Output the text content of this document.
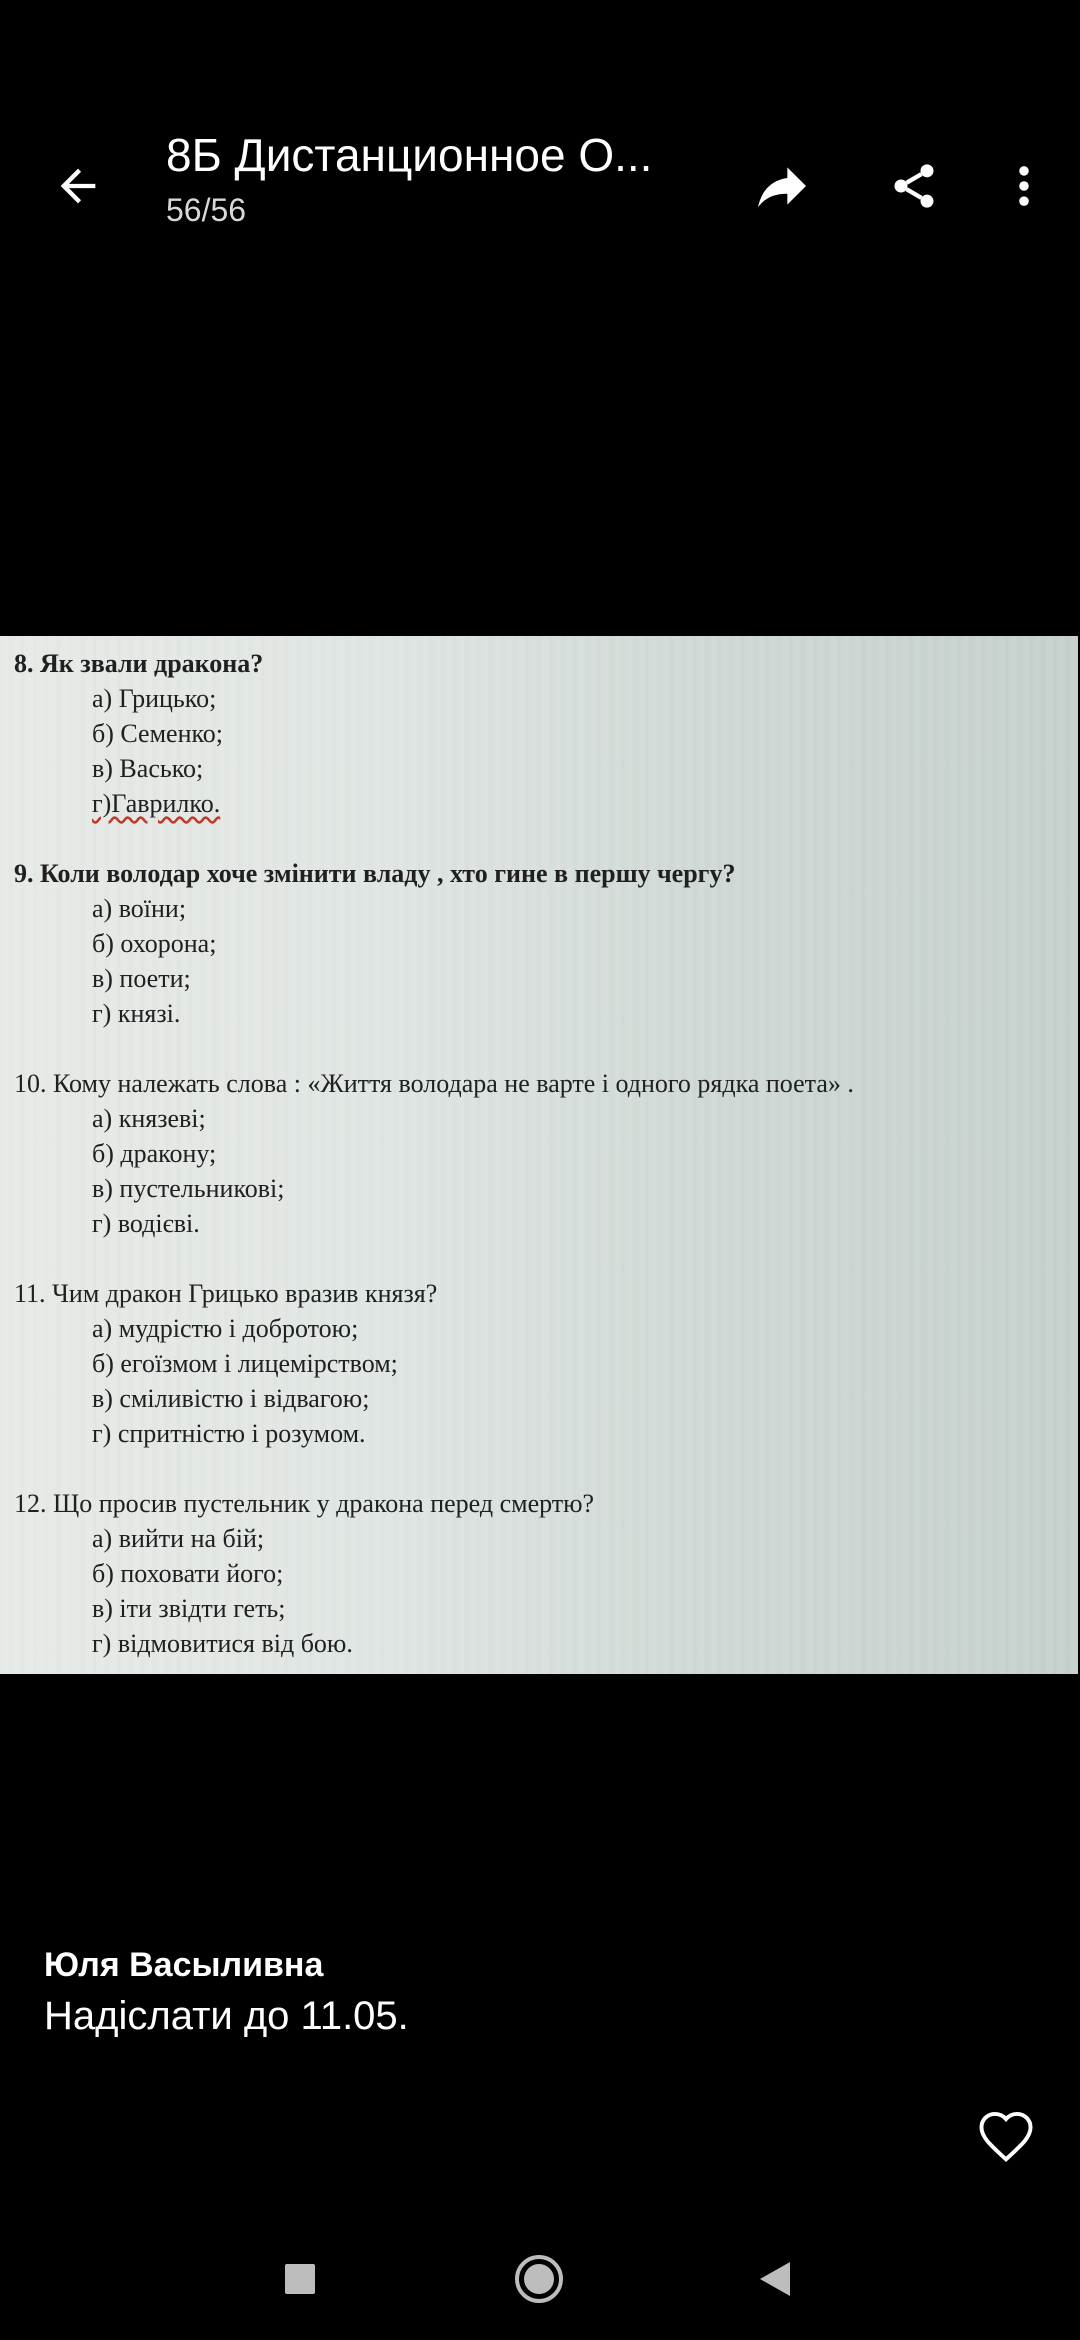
8Б Дистанционное О...
56/56
8. Як звали дракона?
а) Грицько;
б) Семенко;
в) Васько;
г)Гаврилко.
9. Коли володар хоче змінити владу , хто гине в першу чергу?
а) воїни;
б) охорона;
в) поети;
г) князі.
10. Кому належать слова : «Життя володара не варте і одного рядка поета» .
а) князеві;
б) дракону;
в) пустельникові;
г) водієві.
11. Чим дракон Грицько вразив князя?
а) мудрістю і добротою;
б) егоїзмом і лицемірством;
в) сміливістю і відвагою;
г) спритністю і розумом.
12. Що просив пустельник у дракона перед смертю?
а) вийти на бій;
б) поховати його;
в) іти звідти геть;
г) відмовитися від бою.
Юля Васыливна
Надіслати до 11.05.
